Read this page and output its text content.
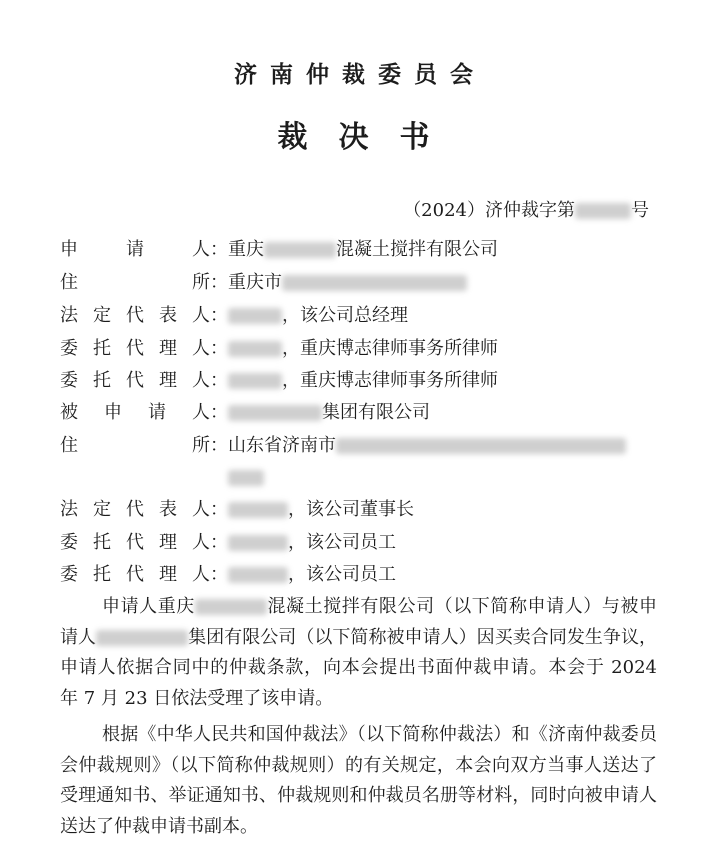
济南仲裁委员会
裁决书
（2024）济仲裁字第	号
申请人：重庆	混凝土搅拌有限公司
住所：重庆市
法定代表人：	，该公司总经理
委托代理人：	，重庆博志律师事务所律师
委托代理人：	，重庆博志律师事务所律师
被申请人：	集团有限公司
住所：山东省济南市
法定代表人：	，该公司董事长
委托代理人：	，该公司员工
委托代理人：	，该公司员工
申请人重庆	混凝土搅拌有限公司（以下简称申请人）与被申请人	集团有限公司（以下简称被申请人）因买卖合同发生争议，申请人依据合同中的仲裁条款，向本会提出书面仲裁申请。本会于 2024 年 7 月 23 日依法受理了该申请。
根据《中华人民共和国仲裁法》（以下简称仲裁法）和《济南仲裁委员会仲裁规则》（以下简称仲裁规则）的有关规定，本会向双方当事人送达了受理通知书、举证通知书、仲裁规则和仲裁员名册等材料，同时向被申请人送达了仲裁申请书副本。
